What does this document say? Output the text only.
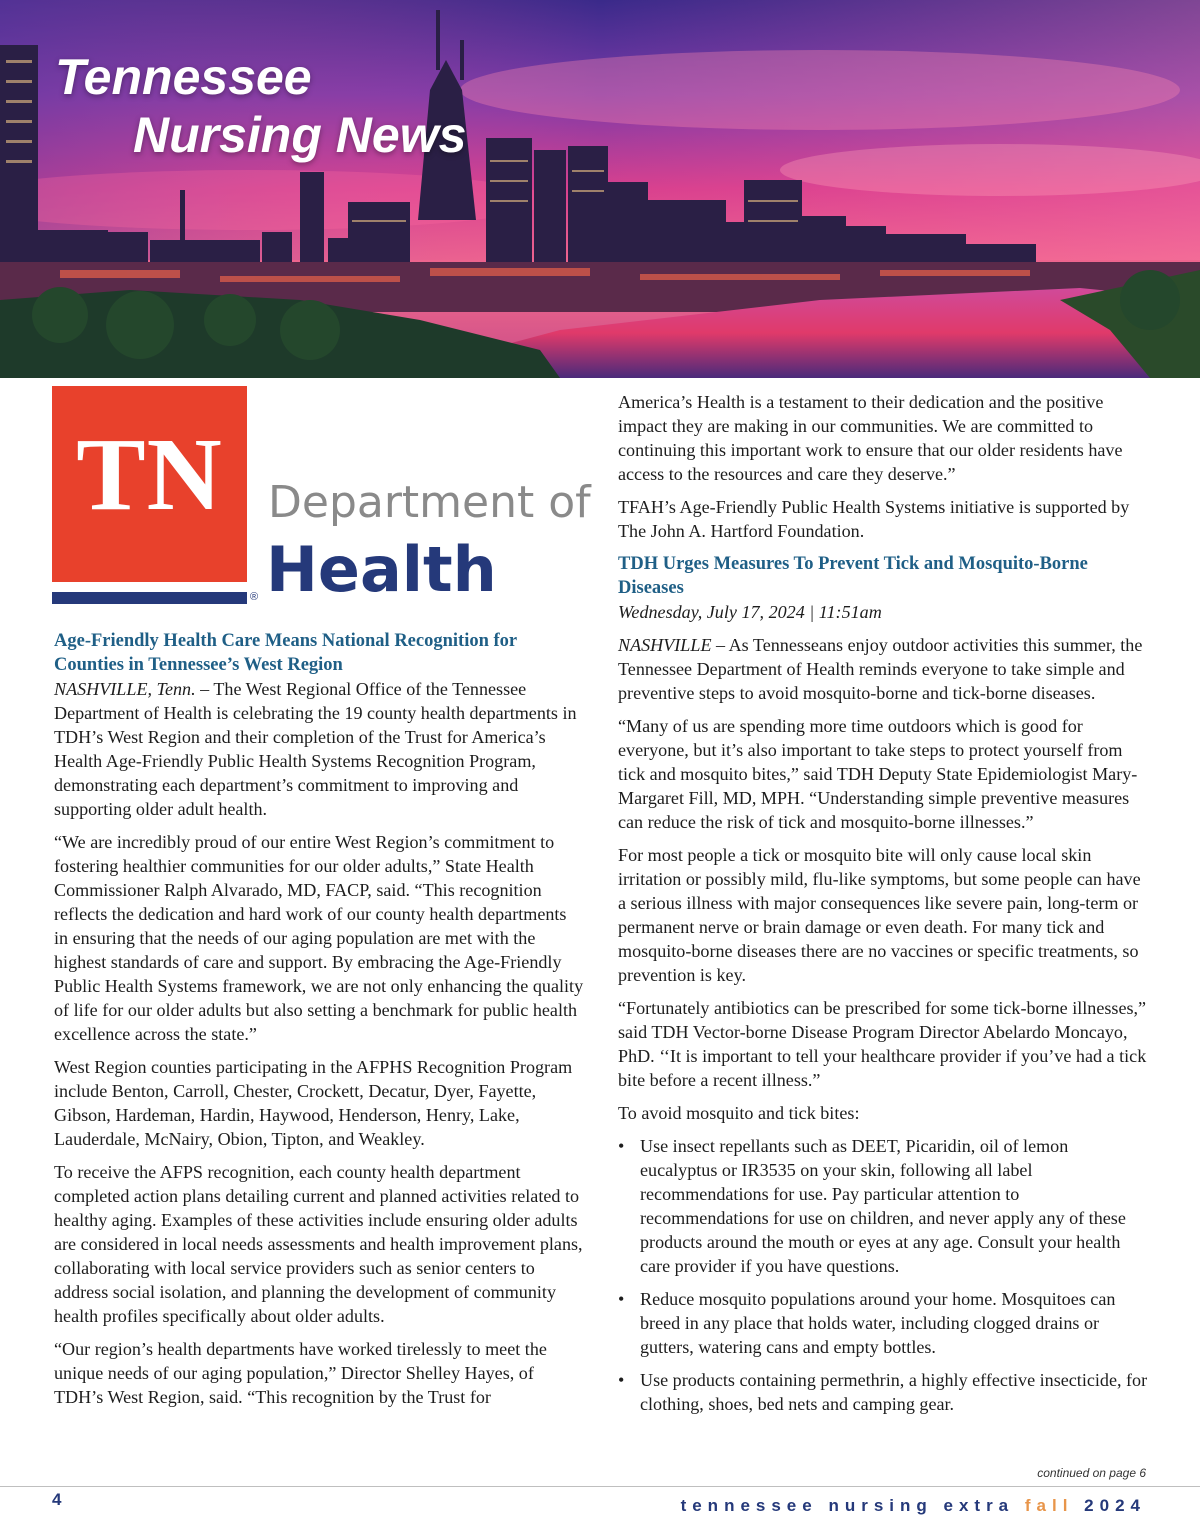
Tennessee
Nursing News
TN
®
Department of
Health
Age-Friendly Health Care Means National Recognition for Counties in Tennessee’s West Region

NASHVILLE, Tenn. – The West Regional Office of the Tennessee Department of Health is celebrating the 19 county health departments in TDH’s West Region and their completion of the Trust for America’s Health Age-Friendly Public Health Systems Recognition Program, demonstrating each department’s commitment to improving and supporting older adult health.

“We are incredibly proud of our entire West Region’s commitment to fostering healthier communities for our older adults,” State Health Commissioner Ralph Alvarado, MD, FACP, said. “This recognition reflects the dedication and hard work of our county health departments in ensuring that the needs of our aging population are met with the highest standards of care and support. By embracing the Age-Friendly Public Health Systems framework, we are not only enhancing the quality of life for our older adults but also setting a benchmark for public health excellence across the state.”

West Region counties participating in the AFPHS Recognition Program include Benton, Carroll, Chester, Crockett, Decatur, Dyer, Fayette, Gibson, Hardeman, Hardin, Haywood, Henderson, Henry, Lake, Lauderdale, McNairy, Obion, Tipton, and Weakley.

To receive the AFPS recognition, each county health department completed action plans detailing current and planned activities related to healthy aging. Examples of these activities include ensuring older adults are considered in local needs assessments and health improvement plans, collaborating with local service providers such as senior centers to address social isolation, and planning the development of community health profiles specifically about older adults.

“Our region’s health departments have worked tirelessly to meet the unique needs of our aging population,” Director Shelley Hayes, of TDH’s West Region, said. “This recognition by the Trust for

America’s Health is a testament to their dedication and the positive impact they are making in our communities. We are committed to continuing this important work to ensure that our older residents have access to the resources and care they deserve.”

TFAH’s Age-Friendly Public Health Systems initiative is supported by The John A. Hartford Foundation.

TDH Urges Measures To Prevent Tick and Mosquito-Borne Diseases

Wednesday, July 17, 2024 | 11:51am

NASHVILLE – As Tennesseans enjoy outdoor activities this summer, the Tennessee Department of Health reminds everyone to take simple and preventive steps to avoid mosquito-borne and tick-borne diseases.

“Many of us are spending more time outdoors which is good for everyone, but it’s also important to take steps to protect yourself from tick and mosquito bites,” said TDH Deputy State Epidemiologist Mary-Margaret Fill, MD, MPH. “Understanding simple preventive measures can reduce the risk of tick and mosquito-borne illnesses.”

For most people a tick or mosquito bite will only cause local skin irritation or possibly mild, flu-like symptoms, but some people can have a serious illness with major consequences like severe pain, long-term or permanent nerve or brain damage or even death. For many tick and mosquito-borne diseases there are no vaccines or specific treatments, so prevention is key.

“Fortunately antibiotics can be prescribed for some tick-borne illnesses,” said TDH Vector-borne Disease Program Director Abelardo Moncayo, PhD. ‘‘It is important to tell your healthcare provider if you’ve had a tick bite before a recent illness.”

To avoid mosquito and tick bites:

• Use insect repellants such as DEET, Picaridin, oil of lemon eucalyptus or IR3535 on your skin, following all label recommendations for use. Pay particular attention to recommendations for use on children, and never apply any of these products around the mouth or eyes at any age. Consult your health care provider if you have questions.
• Reduce mosquito populations around your home. Mosquitoes can breed in any place that holds water, including clogged drains or gutters, watering cans and empty bottles.
• Use products containing permethrin, a highly effective insecticide, for clothing, shoes, bed nets and camping gear.
continued on page 6
4	tennessee nursing extra fall 2024
